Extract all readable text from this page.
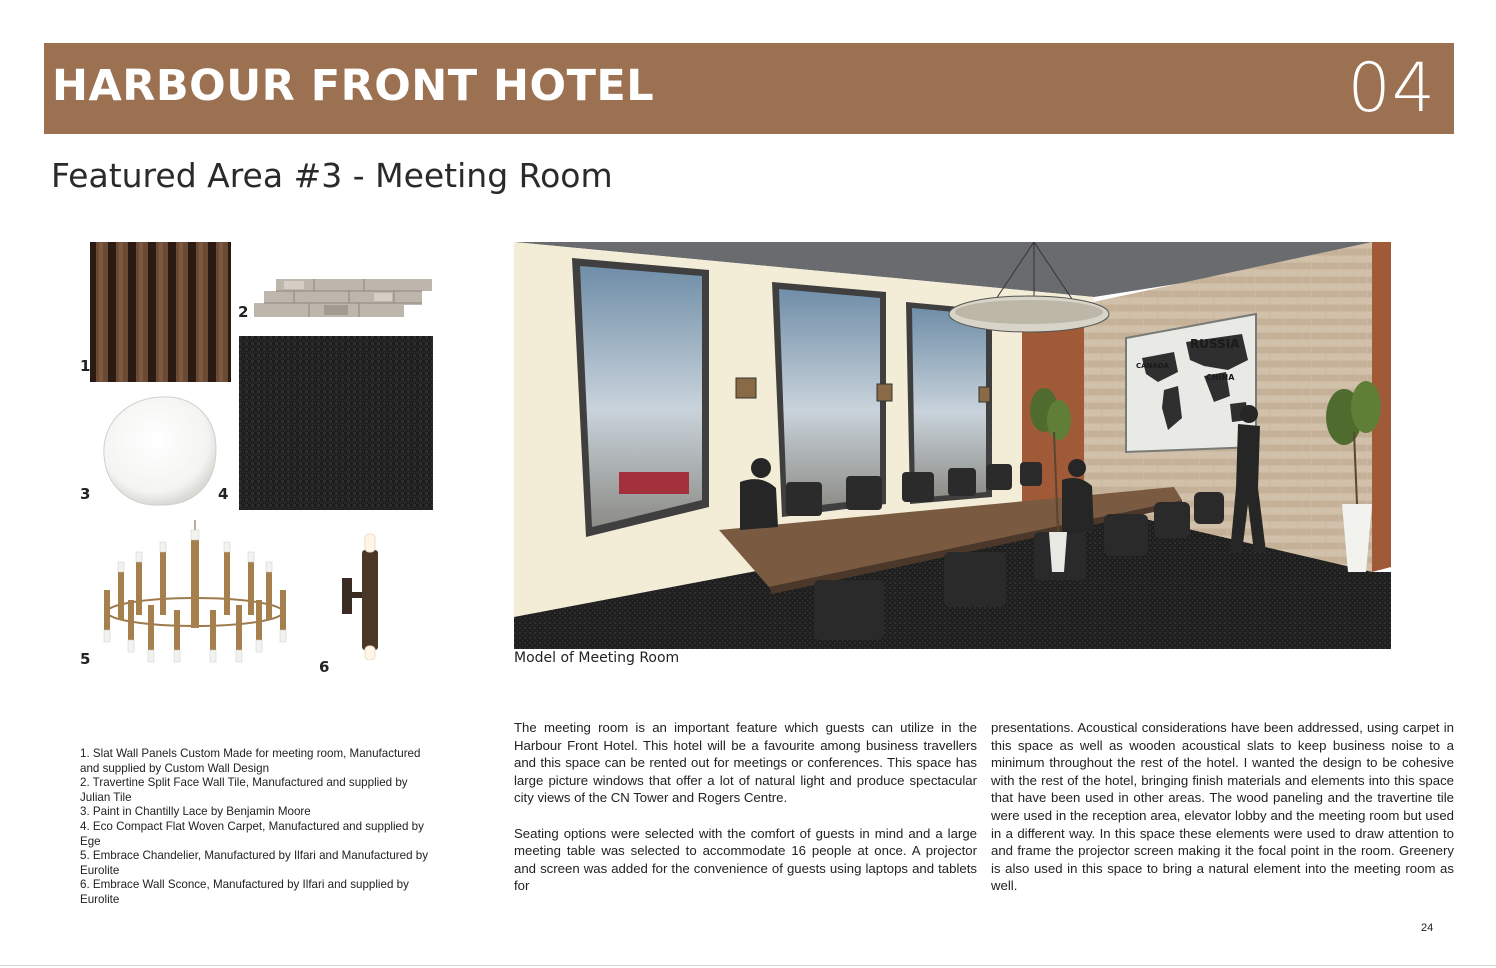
HARBOUR FRONT HOTEL	04
Featured Area #3 - Meeting Room
1
2
3	4
5	6
RUSSIA
CANADA
CHINA
Model of Meeting Room
1. Slat Wall Panels Custom Made for meeting room, Manufactured and supplied by Custom Wall Design
2. Travertine Split Face Wall Tile, Manufactured and supplied by Julian Tile
3. Paint in Chantilly Lace by Benjamin Moore
4. Eco Compact Flat Woven Carpet, Manufactured and supplied by Ege
5. Embrace Chandelier, Manufactured by Ilfari and Manufactured by Eurolite
6. Embrace Wall Sconce, Manufactured by Ilfari and supplied by Eurolite

The meeting room is an important feature which guests can utilize in the Harbour Front Hotel. This hotel will be a favourite among business travellers and this space can be rented out for meetings or conferences. This space has large picture windows that offer a lot of natural light and produce spectacular city views of the CN Tower and Rogers Centre.

Seating options were selected with the comfort of guests in mind and a large meeting table was selected to accommodate 16 people at once. A projector and screen was added for the convenience of guests using laptops and tablets for

presentations. Acoustical considerations have been addressed, using carpet in this space as well as wooden acoustical slats to keep business noise to a minimum throughout the rest of the hotel. I wanted the design to be cohesive with the rest of the hotel, bringing finish materials and elements into this space that have been used in other areas. The wood paneling and the travertine tile were used in the reception area, elevator lobby and the meeting room but used in a different way. In this space these elements were used to draw attention to and frame the projector screen making it the focal point in the room. Greenery is also used in this space to bring a natural element into the meeting room as well.

24
